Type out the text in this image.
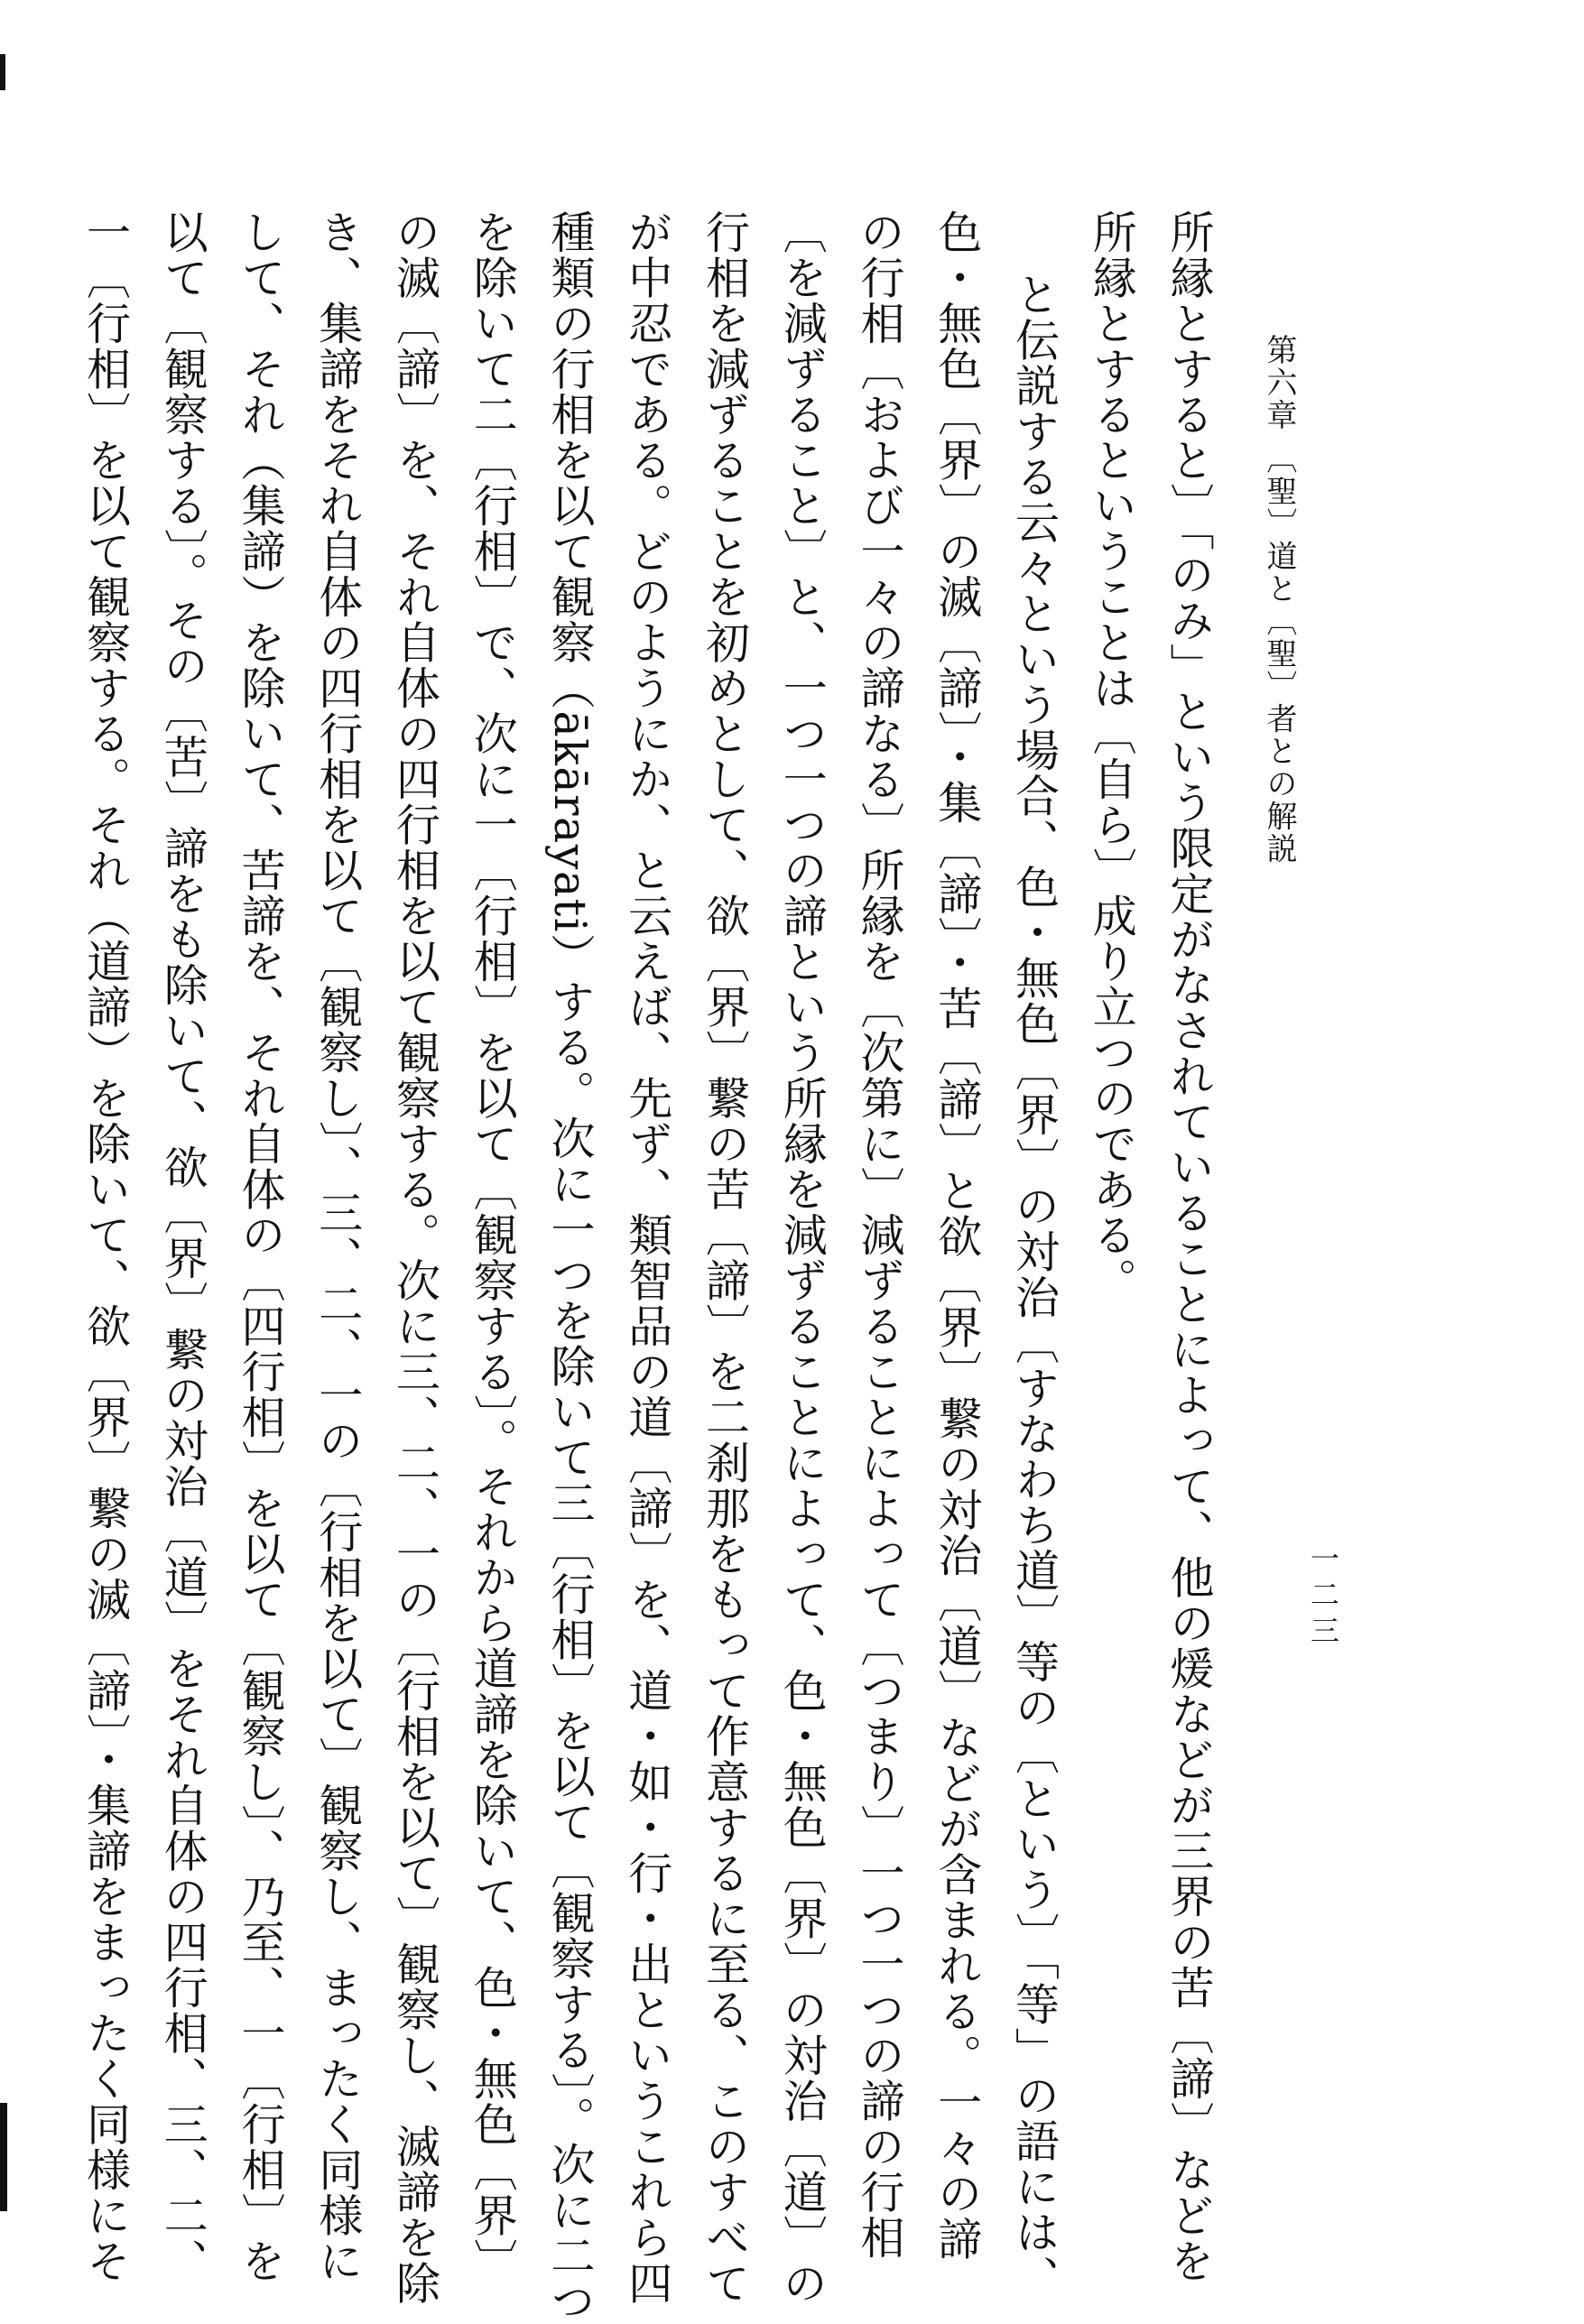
第六章 〔聖〕道と〔聖〕者との解説
一二三
所縁とすると〕「のみ」という限定がなされていることによって、他の煖などが三界の苦〔諦〕などを
所縁とするということは〔自ら〕成り立つのである。
と伝説する云々という場合、色・無色〔界〕の対治〔すなわち道〕等の〔という〕「等」の語には、
色・無色〔界〕の滅〔諦〕・集〔諦〕・苦〔諦〕と欲〔界〕繋の対治〔道〕などが含まれる。一々の諦
の行相〔および一々の諦なる〕所縁を〔次第に〕減ずることによって〔つまり〕一つ一つの諦の行相
〔を減ずること〕と、一つ一つの諦という所縁を減ずることによって、色・無色〔界〕の対治〔道〕の
行相を減ずることを初めとして、欲〔界〕繋の苦〔諦〕を二刹那をもって作意するに至る、このすべて
が中忍である。どのようにか、と云えば、先ず、類智品の道〔諦〕を、道・如・行・出というこれら四
種類の行相を以て観察（ākārayati）する。次に一つを除いて三〔行相〕を以て〔観察する〕。次に二つ
を除いて二〔行相〕で、次に一〔行相〕を以て〔観察する〕。それから道諦を除いて、色・無色〔界〕
の滅〔諦〕を、それ自体の四行相を以て観察する。次に三、二、一の〔行相を以て〕観察し、滅諦を除
き、集諦をそれ自体の四行相を以て〔観察し〕、三、二、一の〔行相を以て〕観察し、まったく同様に
して、それ（集諦）を除いて、苦諦を、それ自体の〔四行相〕を以て〔観察し〕、乃至、一〔行相〕を
以て〔観察する〕。その〔苦〕諦をも除いて、欲〔界〕繋の対治〔道〕をそれ自体の四行相、三、二、
一〔行相〕を以て観察する。それ（道諦）を除いて、欲〔界〕繋の滅〔諦〕・集諦をまったく同様にそ
